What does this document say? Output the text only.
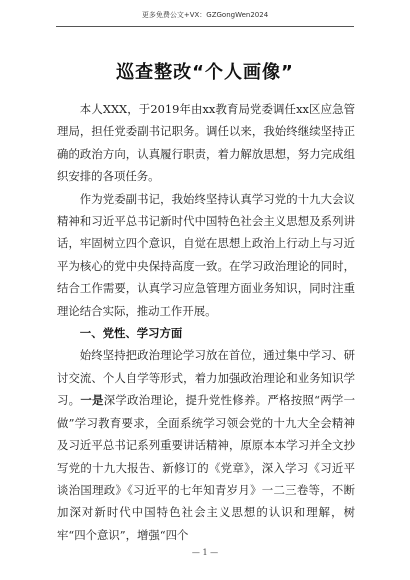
更多免费公文+VX：GZGongWen2024
巡查整改“个人画像”

本人XXX，于2019年由xx教育局党委调任xx区应急管理局，担任党委副书记职务。调任以来，我始终继续坚持正确的政治方向，认真履行职责，着力解放思想，努力完成组织安排的各项任务。

作为党委副书记，我始终坚持认真学习党的十九大会议精神和习近平总书记新时代中国特色社会主义思想及系列讲话，牢固树立四个意识，自觉在思想上政治上行动上与习近平为核心的党中央保持高度一致。在学习政治理论的同时，结合工作需要，认真学习应急管理方面业务知识，同时注重理论结合实际，推动工作开展。

一、党性、学习方面

始终坚持把政治理论学习放在首位，通过集中学习、研讨交流、个人自学等形式，着力加强政治理论和业务知识学习。一是深学政治理论，提升党性修养。严格按照“两学一做”学习教育要求，全面系统学习领会党的十九大全会精神及习近平总书记系列重要讲话精神，原原本本学习并全文抄写党的十九大报告、新修订的《党章》，深入学习《习近平谈治国理政》《习近平的七年知青岁月》一二三卷等，不断加深对新时代中国特色社会主义思想的认识和理解，树牢“四个意识”，增强“四个

— 1 —
